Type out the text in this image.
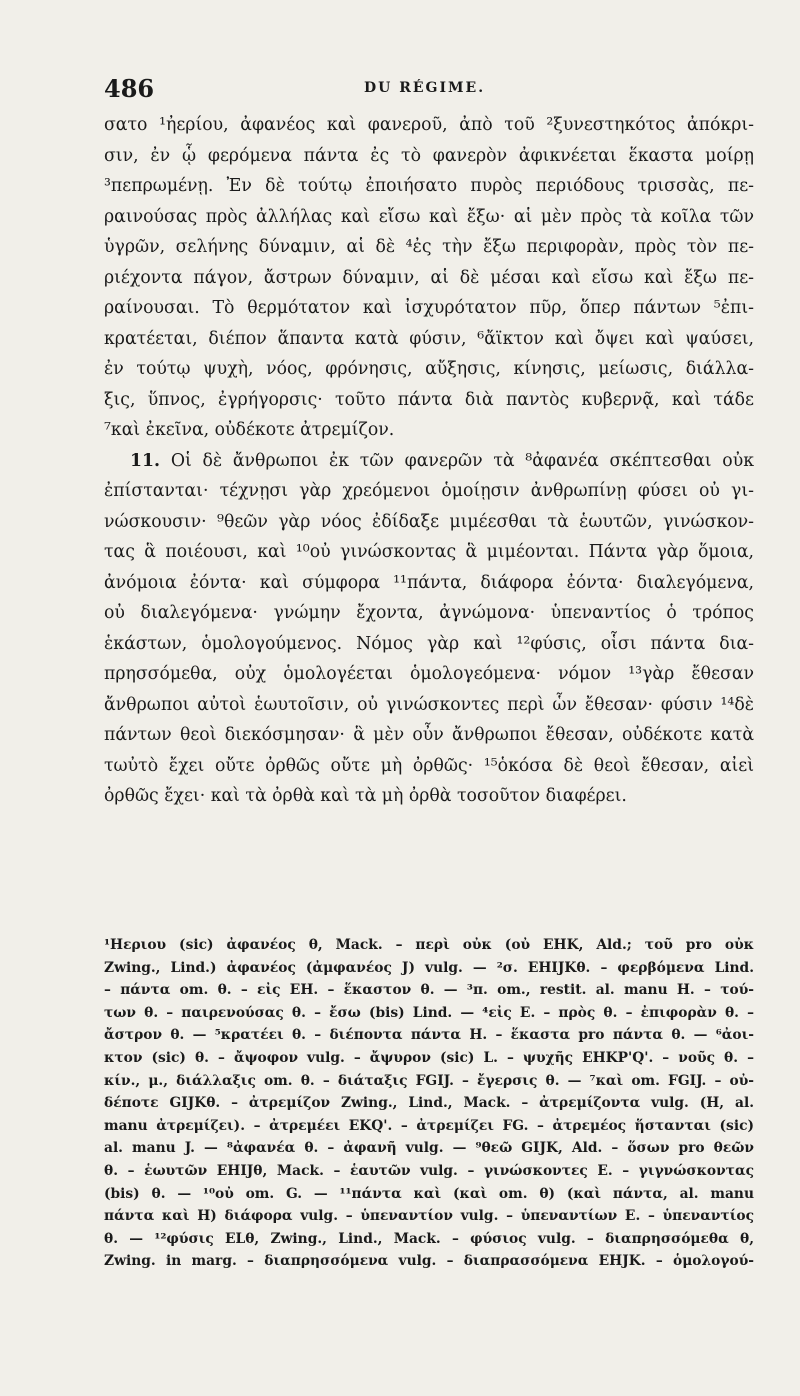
486	DU RÉGIME.
σατο ¹ἠερίου, ἀφανέος καὶ φανεροῦ, ἀπὸ τοῦ ²ξυνεστηκότος ἀπόκρι-
σιν, ἐν ᾧ φερόμενα πάντα ἐς τὸ φανερὸν ἀφικνέεται ἕκαστα μοίρῃ
³πεπρωμένῃ. Ἐν δὲ τούτῳ ἐποιήσατο πυρὸς περιόδους τρισσὰς, πε-
ραινούσας πρὸς ἀλλήλας καὶ εἴσω καὶ ἔξω· αἱ μὲν πρὸς τὰ κοῖλα τῶν
ὑγρῶν, σελήνης δύναμιν, αἱ δὲ ⁴ἐς τὴν ἔξω περιφορὰν, πρὸς τὸν πε-
ριέχοντα πάγον, ἄστρων δύναμιν, αἱ δὲ μέσαι καὶ εἴσω καὶ ἔξω πε-
ραίνουσαι. Τὸ θερμότατον καὶ ἰσχυρότατον πῦρ, ὅπερ πάντων ⁵ἐπι-
κρατέεται, διέπον ἅπαντα κατὰ φύσιν, ⁶ἄϊκτον καὶ ὄψει καὶ ψαύσει,
ἐν τούτῳ ψυχὴ, νόος, φρόνησις, αὔξησις, κίνησις, μείωσις, διάλλα-
ξις, ὕπνος, ἐγρήγορσις· τοῦτο πάντα διὰ παντὸς κυβερνᾷ, καὶ τάδε
⁷καὶ ἐκεῖνα, οὐδέκοτε ἀτρεμίζον.
11. Οἱ δὲ ἄνθρωποι ἐκ τῶν φανερῶν τὰ ⁸ἀφανέα σκέπτεσθαι οὐκ
ἐπίστανται· τέχνῃσι γὰρ χρεόμενοι ὁμοίῃσιν ἀνθρωπίνῃ φύσει οὐ γι-
νώσκουσιν· ⁹θεῶν γὰρ νόος ἐδίδαξε μιμέεσθαι τὰ ἑωυτῶν, γινώσκον-
τας ἃ ποιέουσι, καὶ ¹⁰οὐ γινώσκοντας ἃ μιμέονται. Πάντα γὰρ ὅμοια,
ἀνόμοια ἐόντα· καὶ σύμφορα ¹¹πάντα, διάφορα ἐόντα· διαλεγόμενα,
οὐ διαλεγόμενα· γνώμην ἔχοντα, ἀγνώμονα· ὑπεναντίος ὁ τρόπος
ἑκάστων, ὁμολογούμενος. Νόμος γὰρ καὶ ¹²φύσις, οἷσι πάντα δια-
πρησσόμεθα, οὐχ ὁμολογέεται ὁμολογεόμενα· νόμον ¹³γὰρ ἔθεσαν
ἄνθρωποι αὐτοὶ ἑωυτοῖσιν, οὐ γινώσκοντες περὶ ὧν ἔθεσαν· φύσιν ¹⁴δὲ
πάντων θεοὶ διεκόσμησαν· ἃ μὲν οὖν ἄνθρωποι ἔθεσαν, οὐδέκοτε κατὰ
τωὐτὸ ἔχει οὔτε ὀρθῶς οὔτε μὴ ὀρθῶς· ¹⁵ὁκόσα δὲ θεοὶ ἔθεσαν, αἰεὶ
ὀρθῶς ἔχει· καὶ τὰ ὀρθὰ καὶ τὰ μὴ ὀρθὰ τοσοῦτον διαφέρει.
¹Ηεριου (sic) ἀφανέος θ, Mack. – περὶ οὐκ (οὐ EHK, Ald.; τοῦ pro οὐκ
Zwing., Lind.) ἀφανέος (ἀμφανέος J) vulg. — ²σ. EHIJKθ. – φερβόμενα Lind.
– πάντα om. θ. – εἰς EH. – ἕκαστον θ. — ³π. om., restit. al. manu H. – τού-
των θ. – παιρενούσας θ. – ἔσω (bis) Lind. — ⁴εἰς E. – πρὸς θ. – ἐπιφορὰν θ. –
ἄστρον θ. — ⁵κρατέει θ. – διέποντα πάντα H. – ἕκαστα pro πάντα θ. — ⁶ἀοι-
κτον (sic) θ. – ἄψοφον vulg. – ἄψυρον (sic) L. – ψυχῆς EHKP'Q'. – νοῦς θ. –
κίν., μ., διάλλαξις om. θ. – διάταξις FGIJ. – ἔγερσις θ. — ⁷καὶ om. FGIJ. – οὐ-
δέποτε GIJKθ. – ἀτρεμίζον Zwing., Lind., Mack. – ἀτρεμίζοντα vulg. (H, al.
manu ἀτρεμίζει). – ἀτρεμέει EKQ'. – ἀτρεμίζει FG. – ἀτρεμέος ἥστανται (sic)
al. manu J. — ⁸ἀφανέα θ. – ἀφανῆ vulg. — ⁹θεῶ GIJK, Ald. – ὅσων pro θεῶν
θ. – ἑωυτῶν EHIJθ, Mack. – ἑαυτῶν vulg. – γινώσκοντες E. – γιγνώσκοντας
(bis) θ. — ¹⁰οὐ om. G. — ¹¹πάντα καὶ (καὶ om. θ) (καὶ πάντα, al. manu
πάντα καὶ H) διάφορα vulg. – ὑπεναντίον vulg. – ὑπεναντίων E. – ὑπεναντίος
θ. — ¹²φύσις ELθ, Zwing., Lind., Mack. – φύσιος vulg. – διαπρησσόμεθα θ,
Zwing. in marg. – διαπρησσόμενα vulg. – διαπρασσόμενα EHJK. – ὁμολογού-
